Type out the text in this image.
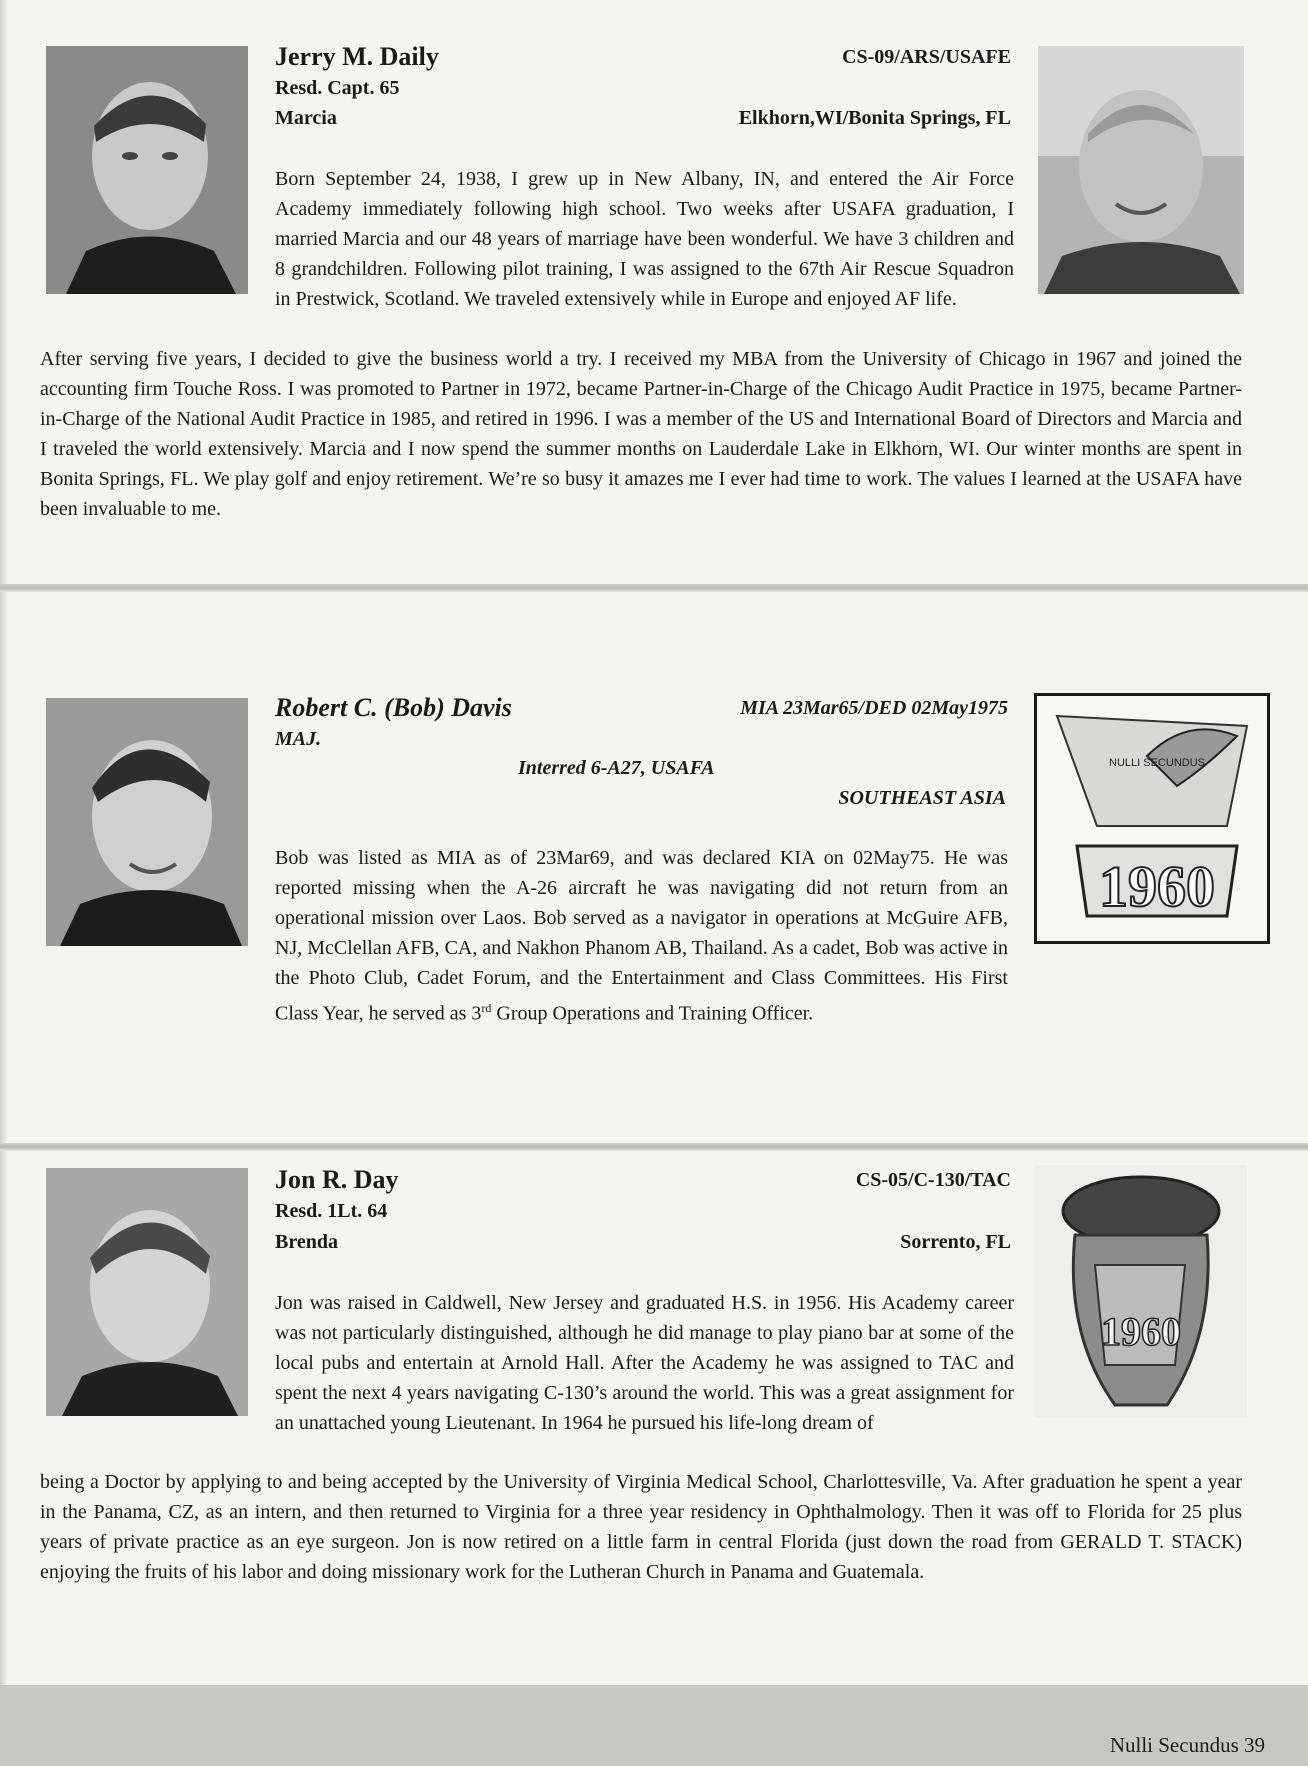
Jerry M. Daily
Resd. Capt. 65
Marcia
CS-09/ARS/USAFE
Elkhorn,WI/Bonita Springs, FL
Born September 24, 1938, I grew up in New Albany, IN, and entered the Air Force Academy immediately following high school. Two weeks after USAFA graduation, I married Marcia and our 48 years of marriage have been wonderful. We have 3 children and 8 grandchildren. Following pilot training, I was assigned to the 67th Air Rescue Squadron in Prestwick, Scotland. We traveled extensively while in Europe and enjoyed AF life.
After serving five years, I decided to give the business world a try. I received my MBA from the University of Chicago in 1967 and joined the accounting firm Touche Ross. I was promoted to Partner in 1972, became Partner-in-Charge of the Chicago Audit Practice in 1975, became Partner-in-Charge of the National Audit Practice in 1985, and retired in 1996. I was a member of the US and International Board of Directors and Marcia and I traveled the world extensively. Marcia and I now spend the summer months on Lauderdale Lake in Elkhorn, WI. Our winter months are spent in Bonita Springs, FL. We play golf and enjoy retirement. We’re so busy it amazes me I ever had time to work. The values I learned at the USAFA have been invaluable to me.
1960
NULLI SECUNDUS
Robert C. (Bob) Davis
MAJ.
MIA 23Mar65/DED 02May1975
Interred 6-A27, USAFA
SOUTHEAST ASIA
Bob was listed as MIA as of 23Mar69, and was declared KIA on 02May75. He was reported missing when the A-26 aircraft he was navigating did not return from an operational mission over Laos. Bob served as a navigator in operations at McGuire AFB, NJ, McClellan AFB, CA, and Nakhon Phanom AB, Thailand. As a cadet, Bob was active in the Photo Club, Cadet Forum, and the Entertainment and Class Committees. His First Class Year, he served as 3rd Group Operations and Training Officer.
1960
Jon R. Day
Resd. 1Lt. 64
Brenda
CS-05/C-130/TAC
Sorrento, FL
Jon was raised in Caldwell, New Jersey and graduated H.S. in 1956. His Academy career was not particularly distinguished, although he did manage to play piano bar at some of the local pubs and entertain at Arnold Hall. After the Academy he was assigned to TAC and spent the next 4 years navigating C-130’s around the world. This was a great assignment for an unattached young Lieutenant. In 1964 he pursued his life-long dream of
being a Doctor by applying to and being accepted by the University of Virginia Medical School, Charlottesville, Va. After graduation he spent a year in the Panama, CZ, as an intern, and then returned to Virginia for a three year residency in Ophthalmology. Then it was off to Florida for 25 plus years of private practice as an eye surgeon. Jon is now retired on a little farm in central Florida (just down the road from GERALD T. STACK) enjoying the fruits of his labor and doing missionary work for the Lutheran Church in Panama and Guatemala.
Nulli Secundus 39
